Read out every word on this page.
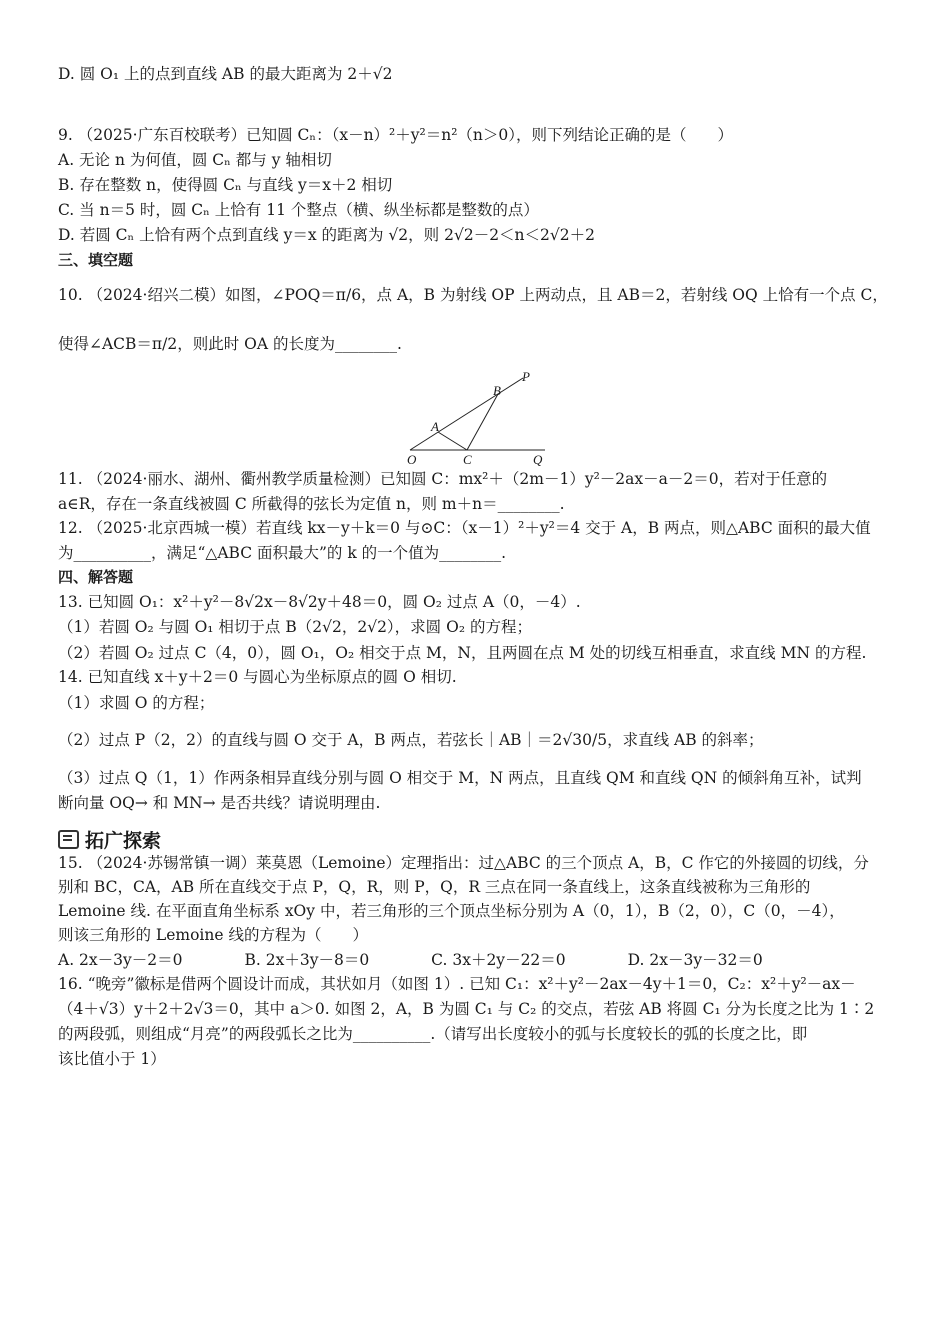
D. 圆 O₁ 上的点到直线 AB 的最大距离为 2＋√2
9. （2025·广东百校联考）已知圆 Cₙ：（x－n）²＋y²＝n²（n＞0），则下列结论正确的是（　　）
A. 无论 n 为何值，圆 Cₙ 都与 y 轴相切
B. 存在整数 n，使得圆 Cₙ 与直线 y＝x＋2 相切
C. 当 n＝5 时，圆 Cₙ 上恰有 11 个整点（横、纵坐标都是整数的点）
D. 若圆 Cₙ 上恰有两个点到直线 y＝x 的距离为 √2，则 2√2－2＜n＜2√2＋2
三、填空题
10. （2024·绍兴二模）如图，∠POQ＝π/6，点 A，B 为射线 OP 上两动点，且 AB＝2，若射线 OQ 上恰有一个点 C，
使得∠ACB＝π/2，则此时 OA 的长度为________.
11. （2024·丽水、湖州、衢州教学质量检测）已知圆 C：mx²＋（2m－1）y²－2ax－a－2＝0，若对于任意的
a∈R，存在一条直线被圆 C 所截得的弦长为定值 n，则 m＋n＝________.
12. （2025·北京西城一模）若直线 kx－y＋k＝0 与⊙C：（x－1）²＋y²＝4 交于 A，B 两点，则△ABC 面积的最大值
为__________，满足“△ABC 面积最大”的 k 的一个值为________.
四、解答题
13. 已知圆 O₁：x²＋y²－8√2x－8√2y＋48＝0，圆 O₂ 过点 A（0，－4）.
（1）若圆 O₂ 与圆 O₁ 相切于点 B（2√2，2√2），求圆 O₂ 的方程；
（2）若圆 O₂ 过点 C（4，0），圆 O₁，O₂ 相交于点 M，N，且两圆在点 M 处的切线互相垂直，求直线 MN 的方程.
14. 已知直线 x＋y＋2＝0 与圆心为坐标原点的圆 O 相切.
（1）求圆 O 的方程；
（2）过点 P（2，2）的直线与圆 O 交于 A，B 两点，若弦长｜AB｜＝2√30/5，求直线 AB 的斜率；
（3）过点 Q（1，1）作两条相异直线分别与圆 O 相交于 M，N 两点，且直线 QM 和直线 QN 的倾斜角互补，试判
断向量 OQ→ 和 MN→ 是否共线？请说明理由.
15. （2024·苏锡常镇一调）莱莫恩（Lemoine）定理指出：过△ABC 的三个顶点 A，B，C 作它的外接圆的切线，分
别和 BC，CA，AB 所在直线交于点 P，Q，R，则 P，Q，R 三点在同一条直线上，这条直线被称为三角形的
Lemoine 线. 在平面直角坐标系 xOy 中，若三角形的三个顶点坐标分别为 A（0，1），B（2，0），C（0，－4），
则该三角形的 Lemoine 线的方程为（　　）
A. 2x－3y－2＝0　　　　B. 2x＋3y－8＝0　　　　C. 3x＋2y－22＝0　　　　D. 2x－3y－32＝0
16. “晚旁”徽标是借两个圆设计而成，其状如月（如图 1）. 已知 C₁：x²＋y²－2ax－4y＋1＝0，C₂：x²＋y²－ax－
（4＋√3）y＋2＋2√3＝0，其中 a＞0. 如图 2，A，B 为圆 C₁ 与 C₂ 的交点，若弦 AB 将圆 C₁ 分为长度之比为 1∶2
的两段弧，则组成“月亮”的两段弧长之比为__________.（请写出长度较小的弧与长度较长的弧的长度之比，即
该比值小于 1）
拓广探索
P
B
A
O	C	Q
